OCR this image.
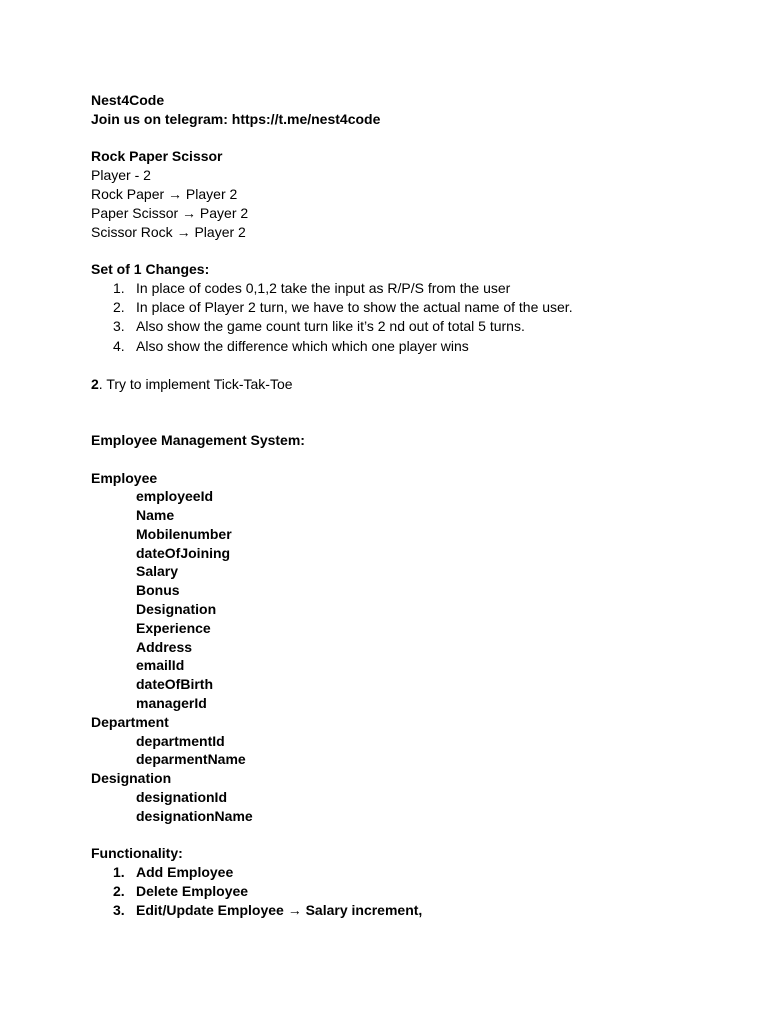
Nest4Code
Join us on telegram: https://t.me/nest4code
Rock Paper Scissor
Player - 2
Rock Paper → Player 2
Paper Scissor → Payer 2
Scissor Rock → Player 2
Set of 1 Changes:
1. In place of codes 0,1,2 take the input as R/P/S from the user
2. In place of Player 2 turn, we have to show the actual name of the user.
3. Also show the game count turn like it’s 2 nd out of total 5 turns.
4. Also show the difference which which one player wins
2. Try to implement Tick-Tak-Toe
Employee Management System:
Employee
employeeId
Name
Mobilenumber
dateOfJoining
Salary
Bonus
Designation
Experience
Address
emailId
dateOfBirth
managerId
Department
departmentId
deparmentName
Designation
designationId
designationName
Functionality:
1. Add Employee
2. Delete Employee
3. Edit/Update Employee → Salary increment,
